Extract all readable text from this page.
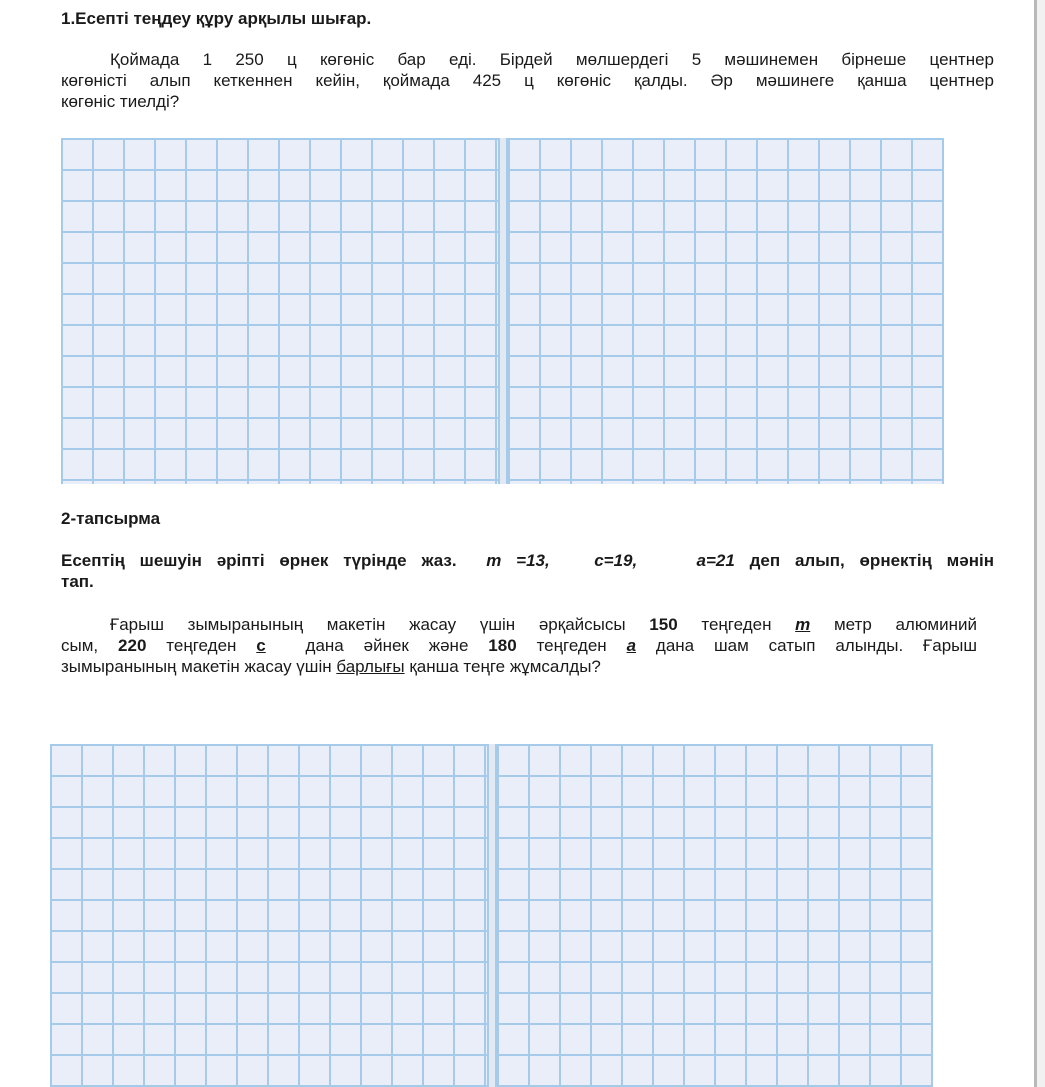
1.Есепті теңдеу құру арқылы шығар.
Қоймада 1 250 ц көгөніс бар еді. Бірдей мөлшердегі 5 мәшинемен бірнеше центнер
көгөністі алып кеткеннен кейін, қоймада 425 ц көгөніс қалды. Әр мәшинеге қанша центнер
көгөніс тиелді?
2-тапсырма
Есептің шешуін әріпті өрнек түрінде жаз. m =13,	c=19,	a=21 деп алып, өрнектің мәнін
тап.
Ғарыш зымыранының макетін жасау үшін әрқайсысы 150 теңгеден m метр алюминий
сым, 220 теңгеден с дана әйнек және 180 теңгеден а дана шам сатып алынды. Ғарыш
зымыранының макетін жасау үшін барлығы қанша теңге жұмсалды?
